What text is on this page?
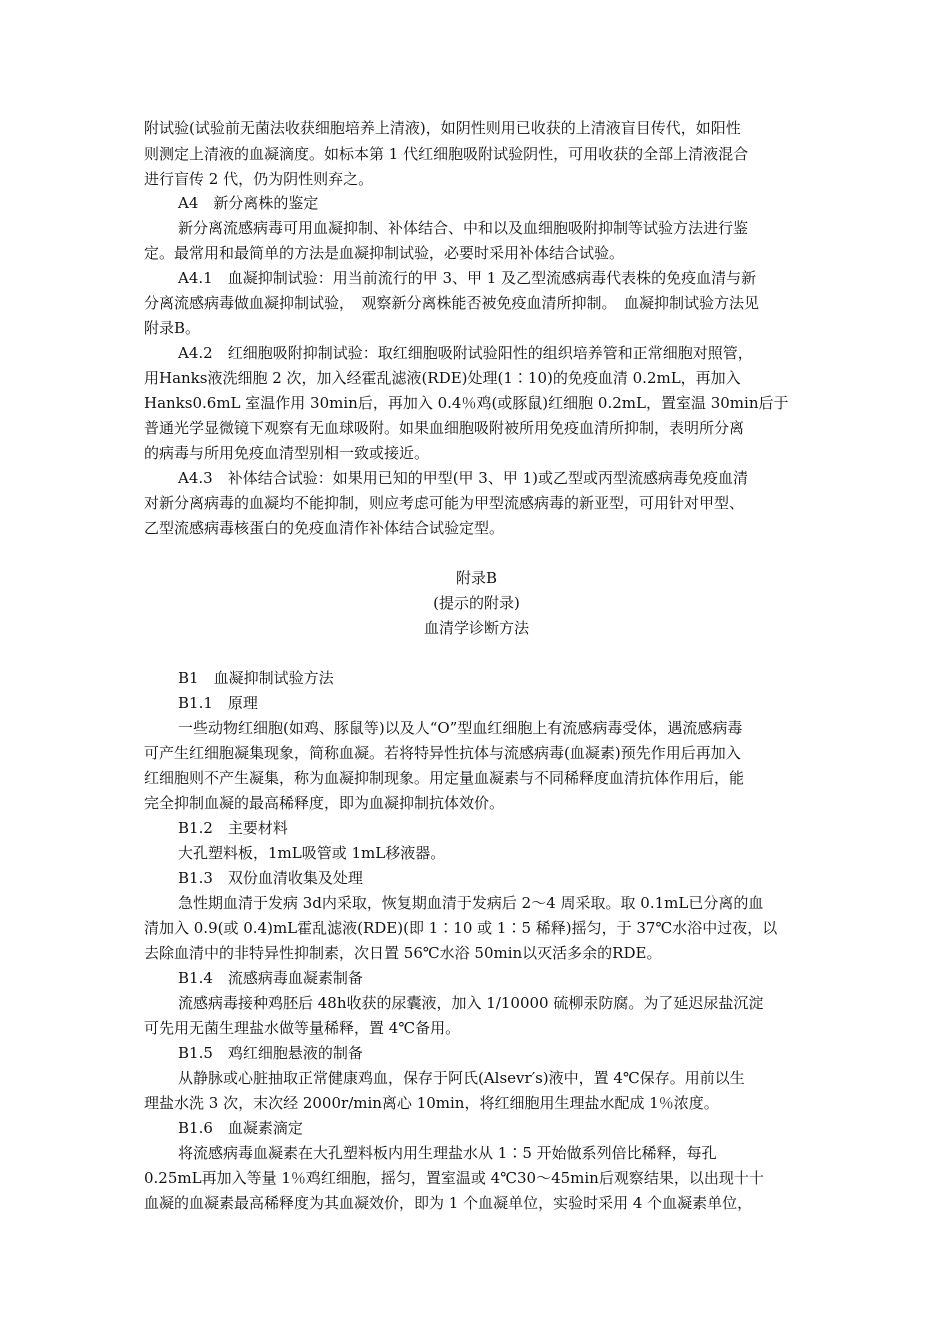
附试验(试验前无菌法收获细胞培养上清液)，如阴性则用已收获的上清液盲目传代，如阳性
则测定上清液的血凝滴度。如标本第 1 代红细胞吸附试验阴性，可用收获的全部上清液混合
进行盲传 2 代，仍为阴性则弃之。
A4　新分离株的鉴定
新分离流感病毒可用血凝抑制、补体结合、中和以及血细胞吸附抑制等试验方法进行鉴
定。最常用和最简单的方法是血凝抑制试验，必要时采用补体结合试验。
A4.1　血凝抑制试验：用当前流行的甲 3、甲 1 及乙型流感病毒代表株的免疫血清与新
分离流感病毒做血凝抑制试验，　观察新分离株能否被免疫血清所抑制。　血凝抑制试验方法见
附录B。
A4.2　红细胞吸附抑制试验：取红细胞吸附试验阳性的组织培养管和正常细胞对照管，
用Hanks液洗细胞 2 次，加入经霍乱滤液(RDE)处理(1∶10)的免疫血清 0.2mL，再加入
Hanks0.6mL 室温作用 30min后，再加入 0.4％鸡(或豚鼠)红细胞 0.2mL，置室温 30min后于
普通光学显微镜下观察有无血球吸附。如果血细胞吸附被所用免疫血清所抑制，表明所分离
的病毒与所用免疫血清型别相一致或接近。
A4.3　补体结合试验：如果用已知的甲型(甲 3、甲 1)或乙型或丙型流感病毒免疫血清
对新分离病毒的血凝均不能抑制，则应考虑可能为甲型流感病毒的新亚型，可用针对甲型、
乙型流感病毒核蛋白的免疫血清作补体结合试验定型。
附录B
(提示的附录)
血清学诊断方法
B1　血凝抑制试验方法
B1.1　原理
一些动物红细胞(如鸡、豚鼠等)以及人“O”型血红细胞上有流感病毒受体，遇流感病毒
可产生红细胞凝集现象，简称血凝。若将特异性抗体与流感病毒(血凝素)预先作用后再加入
红细胞则不产生凝集，称为血凝抑制现象。用定量血凝素与不同稀释度血清抗体作用后，能
完全抑制血凝的最高稀释度，即为血凝抑制抗体效价。
B1.2　主要材料
大孔塑料板，1mL吸管或 1mL移液器。
B1.3　双份血清收集及处理
急性期血清于发病 3d内采取，恢复期血清于发病后 2～4 周采取。取 0.1mL已分离的血
清加入 0.9(或 0.4)mL霍乱滤液(RDE)(即 1∶10 或 1∶5 稀释)摇匀，于 37℃水浴中过夜，以
去除血清中的非特异性抑制素，次日置 56℃水浴 50min以灭活多余的RDE。
B1.4　流感病毒血凝素制备
流感病毒接种鸡胚后 48h收获的尿囊液，加入 1/10000 硫柳汞防腐。为了延迟尿盐沉淀
可先用无菌生理盐水做等量稀释，置 4℃备用。
B1.5　鸡红细胞悬液的制备
从静脉或心脏抽取正常健康鸡血，保存于阿氏(Alsevr′s)液中，置 4℃保存。用前以生
理盐水洗 3 次，末次经 2000r/min离心 10min，将红细胞用生理盐水配成 1％浓度。
B1.6　血凝素滴定
将流感病毒血凝素在大孔塑料板内用生理盐水从 1∶5 开始做系列倍比稀释，每孔
0.25mL再加入等量 1％鸡红细胞，摇匀，置室温或 4℃30～45min后观察结果，以出现十十
血凝的血凝素最高稀释度为其血凝效价，即为 1 个血凝单位，实验时采用 4 个血凝素单位，
